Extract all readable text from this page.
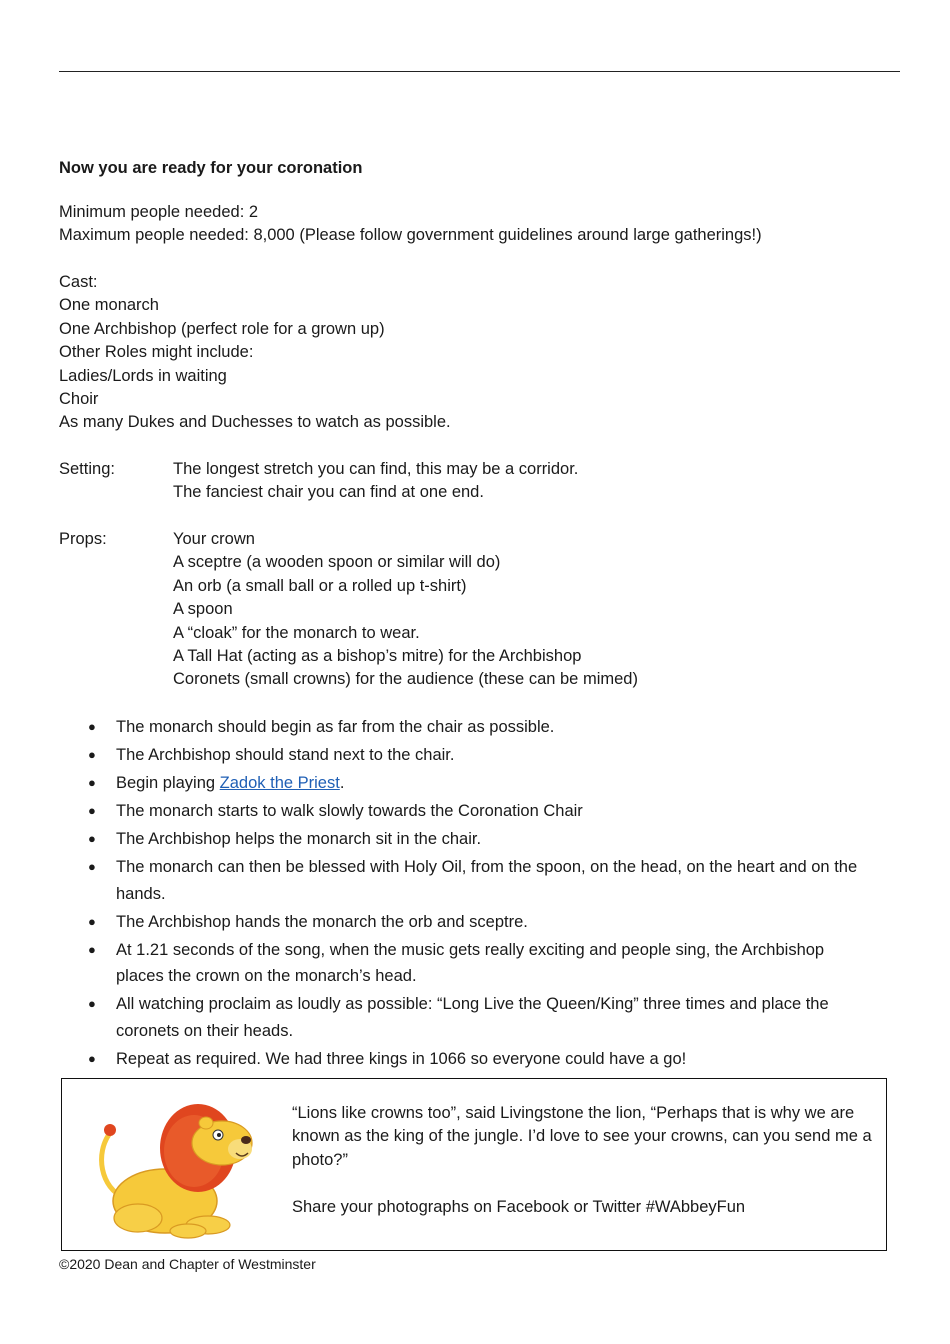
Now you are ready for your coronation
Minimum people needed: 2
Maximum people needed: 8,000 (Please follow government guidelines around large gatherings!)
Cast:
One monarch
One Archbishop (perfect role for a grown up)
Other Roles might include:
Ladies/Lords in waiting
Choir
As many Dukes and Duchesses to watch as possible.
Setting:	The longest stretch you can find, this may be a corridor.
The fanciest chair you can find at one end.
Props:	Your crown
A sceptre (a wooden spoon or similar will do)
An orb (a small ball or a rolled up t-shirt)
A spoon
A “cloak” for the monarch to wear.
A Tall Hat (acting as a bishop’s mitre) for the Archbishop
Coronets (small crowns) for the audience (these can be mimed)
● The monarch should begin as far from the chair as possible.
● The Archbishop should stand next to the chair.
● Begin playing Zadok the Priest.
● The monarch starts to walk slowly towards the Coronation Chair
● The Archbishop helps the monarch sit in the chair.
● The monarch can then be blessed with Holy Oil, from the spoon, on the head, on the heart and on the hands.
● The Archbishop hands the monarch the orb and sceptre.
● At 1.21 seconds of the song, when the music gets really exciting and people sing, the Archbishop places the crown on the monarch’s head.
● All watching proclaim as loudly as possible: “Long Live the Queen/King” three times and place the coronets on their heads.
● Repeat as required. We had three kings in 1066 so everyone could have a go!
“Lions like crowns too”, said Livingstone the lion, “Perhaps that is why we are known as the king of the jungle. I’d love to see your crowns, can you send me a photo?”
Share your photographs on Facebook or Twitter #WAbbeyFun
©2020 Dean and Chapter of Westminster
